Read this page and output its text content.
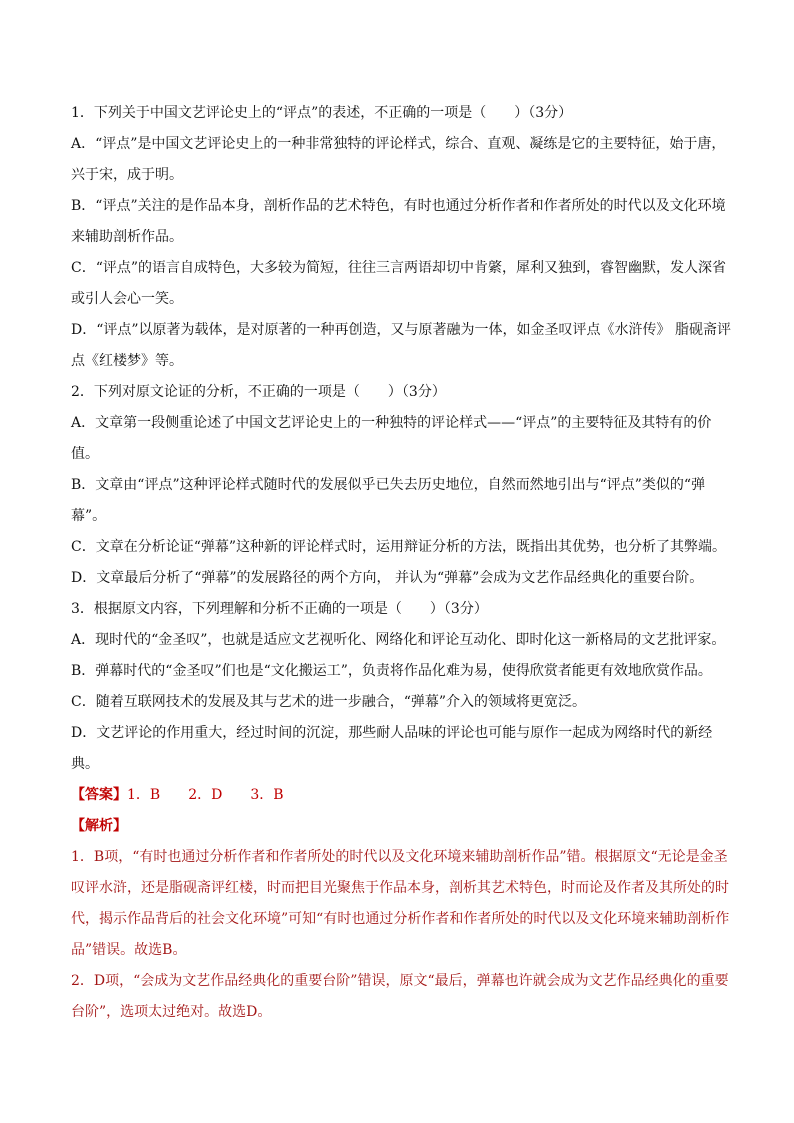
1．下列关于中国文艺评论史上的“评点”的表述，不正确的一项是（　　）（3分）

A．“评点”是中国文艺评论史上的一种非常独特的评论样式，综合、直观、凝练是它的主要特征，始于唐，兴于宋，成于明。

B．“评点”关注的是作品本身，剖析作品的艺术特色，有时也通过分析作者和作者所处的时代以及文化环境来辅助剖析作品。

C．“评点”的语言自成特色，大多较为简短，往往三言两语却切中肯綮，犀利又独到，睿智幽默，发人深省或引人会心一笑。

D．“评点”以原著为载体，是对原著的一种再创造，又与原著融为一体，如金圣叹评点《水浒传》 脂砚斋评点《红楼梦》等。

2．下列对原文论证的分析，不正确的一项是（　　）（3分）

A．文章第一段侧重论述了中国文艺评论史上的一种独特的评论样式——“评点”的主要特征及其特有的价值。

B．文章由“评点”这种评论样式随时代的发展似乎已失去历史地位，自然而然地引出与“评点”类似的“弹幕”。

C．文章在分析论证“弹幕”这种新的评论样式时，运用辩证分析的方法，既指出其优势，也分析了其弊端。

D．文章最后分析了“弹幕”的发展路径的两个方向， 并认为“弹幕”会成为文艺作品经典化的重要台阶。

3．根据原文内容，下列理解和分析不正确的一项是（　　）（3分）

A．现时代的“金圣叹”，也就是适应文艺视听化、网络化和评论互动化、即时化这一新格局的文艺批评家。

B．弹幕时代的“金圣叹”们也是“文化搬运工”，负责将作品化难为易，使得欣赏者能更有效地欣赏作品。

C．随着互联网技术的发展及其与艺术的进一步融合，“弹幕”介入的领域将更宽泛。

D．文艺评论的作用重大，经过时间的沉淀，那些耐人品味的评论也可能与原作一起成为网络时代的新经典。

【答案】1．B　　2．D　　3．B

【解析】

1．B项，“有时也通过分析作者和作者所处的时代以及文化环境来辅助剖析作品”错。根据原文“无论是金圣叹评水浒，还是脂砚斋评红楼，时而把目光聚焦于作品本身，剖析其艺术特色，时而论及作者及其所处的时代，揭示作品背后的社会文化环境”可知“有时也通过分析作者和作者所处的时代以及文化环境来辅助剖析作品”错误。故选B。

2．D项，“会成为文艺作品经典化的重要台阶”错误，原文“最后，弹幕也许就会成为文艺作品经典化的重要台阶”，选项太过绝对。故选D。
